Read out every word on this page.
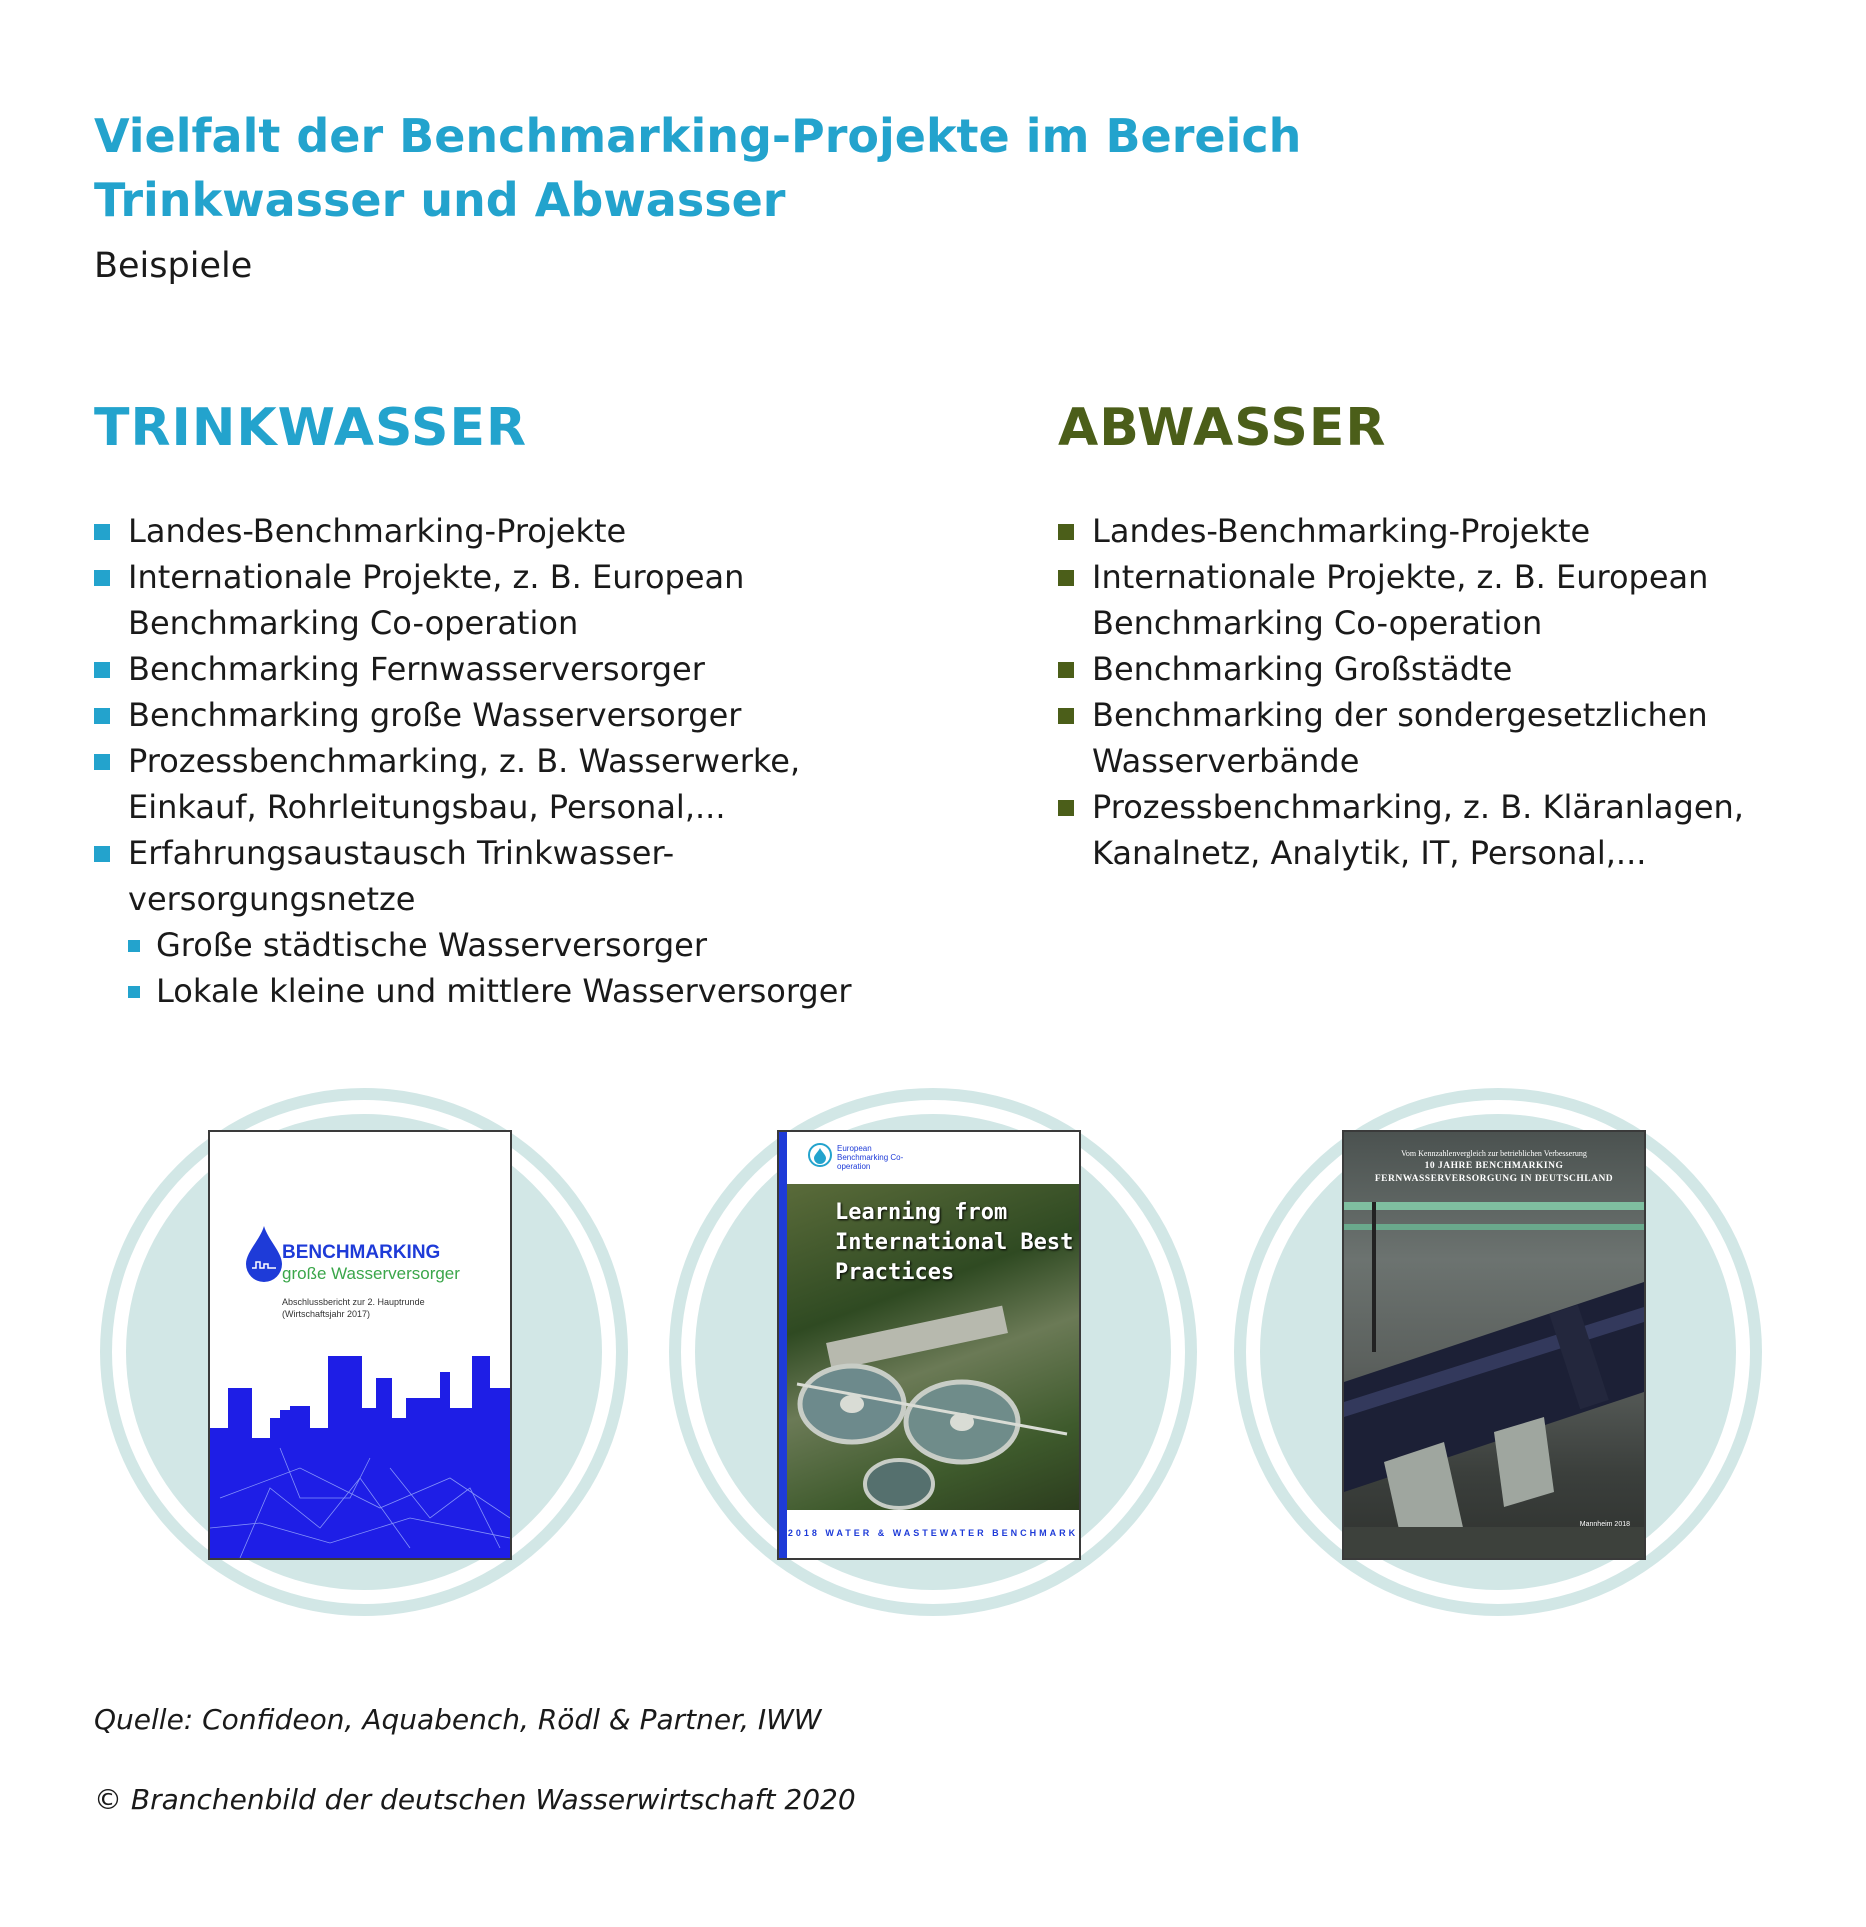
Vielfalt der Benchmarking-Projekte im Bereich
Trinkwasser und Abwasser
Beispiele
TRINKWASSER
Landes-Benchmarking-Projekte
Internationale Projekte, z. B. European Benchmarking Co-operation
Benchmarking Fernwasserversorger
Benchmarking große Wasserversorger
Prozessbenchmarking, z. B. Wasserwerke, Einkauf, Rohrleitungsbau, Personal,...
Erfahrungsaustausch Trinkwasser-versorgungsnetze
Große städtische Wasserversorger
Lokale kleine und mittlere Wasserversorger
ABWASSER
Landes-Benchmarking-Projekte
Internationale Projekte, z. B. European Benchmarking Co-operation
Benchmarking Großstädte
Benchmarking der sondergesetzlichen Wasserverbände
Prozessbenchmarking, z. B. Kläranlagen, Kanalnetz, Analytik, IT, Personal,...
BENCHMARKING
große Wasserversorger
Abschlussbericht zur 2. Hauptrunde (Wirtschaftsjahr 2017)
European Benchmarking Co-operation
Learning from International Best Practices
2018 WATER & WASTEWATER BENCHMARK
Vom Kennzahlenvergleich zur betrieblichen Verbesserung
10 JAHRE BENCHMARKING
FERNWASSERVERSORGUNG IN DEUTSCHLAND
Mannheim 2018
Quelle: Confideon, Aquabench, Rödl & Partner, IWW
© Branchenbild der deutschen Wasserwirtschaft 2020
